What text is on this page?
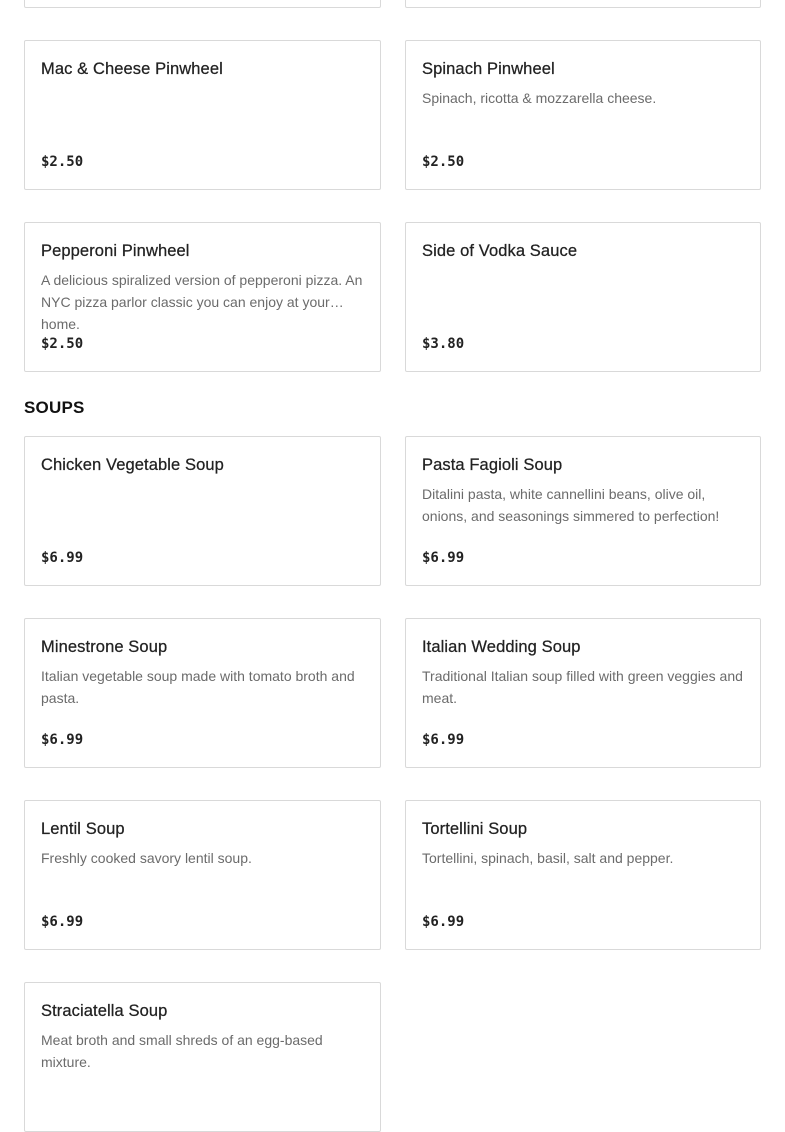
Mac & Cheese Pinwheel
$2.50
Spinach Pinwheel
Spinach, ricotta & mozzarella cheese.
$2.50
Pepperoni Pinwheel
A delicious spiralized version of pepperoni pizza. An NYC pizza parlor classic you can enjoy at your home.
$2.50
Side of Vodka Sauce
$3.80
SOUPS
Chicken Vegetable Soup
$6.99
Pasta Fagioli Soup
Ditalini pasta, white cannellini beans, olive oil, onions, and seasonings simmered to perfection!
$6.99
Minestrone Soup
Italian vegetable soup made with tomato broth and pasta.
$6.99
Italian Wedding Soup
Traditional Italian soup filled with green veggies and meat.
$6.99
Lentil Soup
Freshly cooked savory lentil soup.
$6.99
Tortellini Soup
Tortellini, spinach, basil, salt and pepper.
$6.99
Straciatella Soup
Meat broth and small shreds of an egg-based mixture.
